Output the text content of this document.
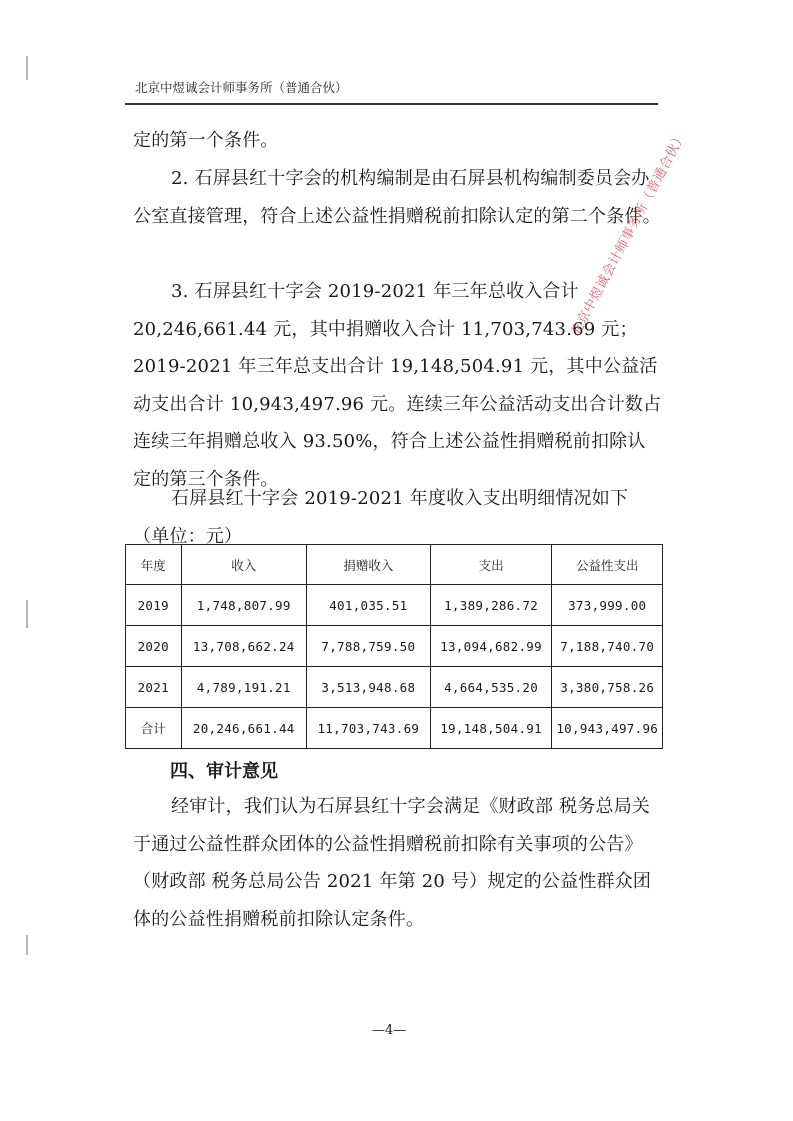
北京中煜诚会计师事务所（普通合伙）

定的第一个条件。

2. 石屏县红十字会的机构编制是由石屏县机构编制委员会办公室直接管理，符合上述公益性捐赠税前扣除认定的第二个条件。

3. 石屏县红十字会 2019-2021 年三年总收入合计20,246,661.44 元，其中捐赠收入合计 11,703,743.69 元；2019-2021 年三年总支出合计 19,148,504.91 元，其中公益活动支出合计 10,943,497.96 元。连续三年公益活动支出合计数占连续三年捐赠总收入 93.50%，符合上述公益性捐赠税前扣除认定的第三个条件。

石屏县红十字会 2019-2021 年度收入支出明细情况如下（单位：元）

北京中煜诚会计师事务所（普通合伙）
年度	收入	捐赠收入	支出	公益性支出
2019	1,748,807.99	401,035.51	1,389,286.72	373,999.00
2020	13,708,662.24	7,788,759.50	13,094,682.99	7,188,740.70
2021	4,789,191.21	3,513,948.68	4,664,535.20	3,380,758.26
合计	20,246,661.44	11,703,743.69	19,148,504.91	10,943,497.96
四、审计意见

经审计，我们认为石屏县红十字会满足《财政部 税务总局关于通过公益性群众团体的公益性捐赠税前扣除有关事项的公告》（财政部 税务总局公告 2021 年第 20 号）规定的公益性群众团体的公益性捐赠税前扣除认定条件。

—4—
